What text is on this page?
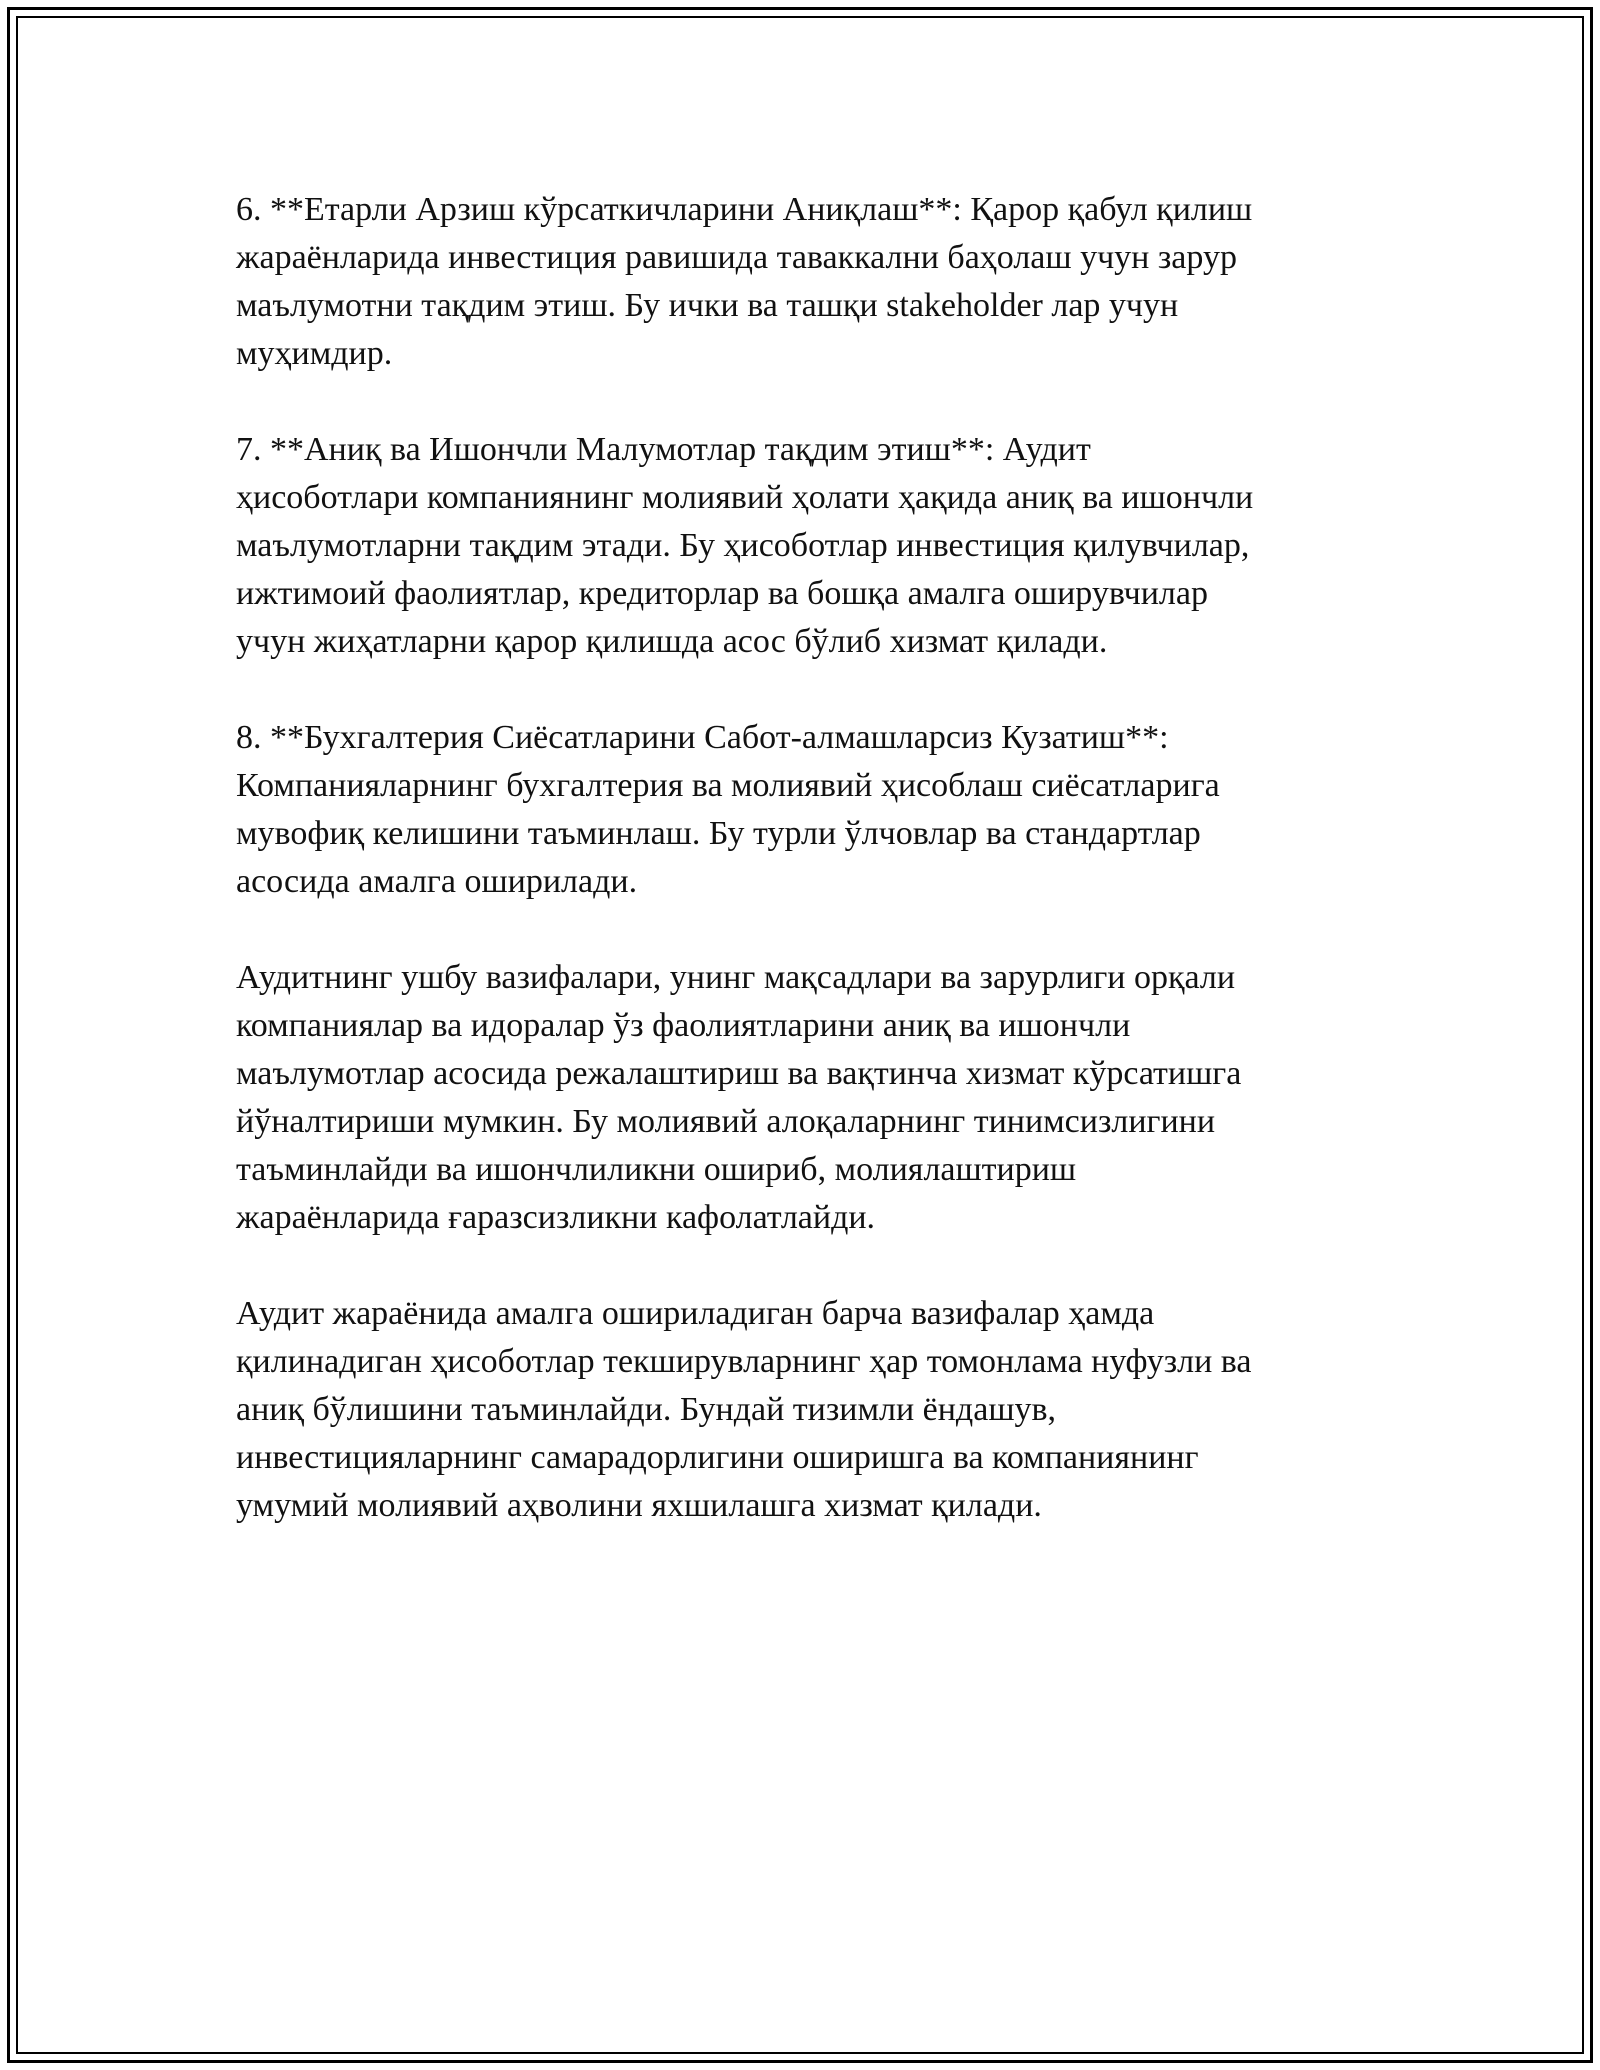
6. **Етарли Арзиш кўрсаткичларини Аниқлаш**: Қарор қабул қилиш
жараёнларида инвестиция равишида таваккални баҳолаш учун зарур
маълумотни тақдим этиш. Бу ички ва ташқи stakeholder лар учун
муҳимдир.

7. **Аниқ ва Ишончли Малумотлар тақдим этиш**: Аудит
ҳисоботлари компаниянинг молиявий ҳолати ҳақида аниқ ва ишончли
маълумотларни тақдим этади. Бу ҳисоботлар инвестиция қилувчилар,
ижтимоий фаолиятлар, кредиторлар ва бошқа амалга оширувчилар
учун жиҳатларни қарор қилишда асос бўлиб хизмат қилади.

8. **Бухгалтерия Сиёсатларини Сабот-алмашларсиз Кузатиш**:
Компанияларнинг бухгалтерия ва молиявий ҳисоблаш сиёсатларига
мувофиқ келишини таъминлаш. Бу турли ўлчовлар ва стандартлар
асосида амалга оширилади.

Аудитнинг ушбу вазифалари, унинг мақсадлари ва зарурлиги орқали
компаниялар ва идоралар ўз фаолиятларини аниқ ва ишончли
маълумотлар асосида режалаштириш ва вақтинча хизмат кўрсатишга
йўналтириши мумкин. Бу молиявий алоқаларнинг тинимсизлигини
таъминлайди ва ишончлиликни ошириб, молиялаштириш
жараёнларида ғаразсизликни кафолатлайди.

Аудит жараёнида амалга ошириладиган барча вазифалар ҳамда
қилинадиган ҳисоботлар текширувларнинг ҳар томонлама нуфузли ва
аниқ бўлишини таъминлайди. Бундай тизимли ёндашув,
инвестицияларнинг самарадорлигини оширишга ва компаниянинг
умумий молиявий аҳволини яхшилашга хизмат қилади.
